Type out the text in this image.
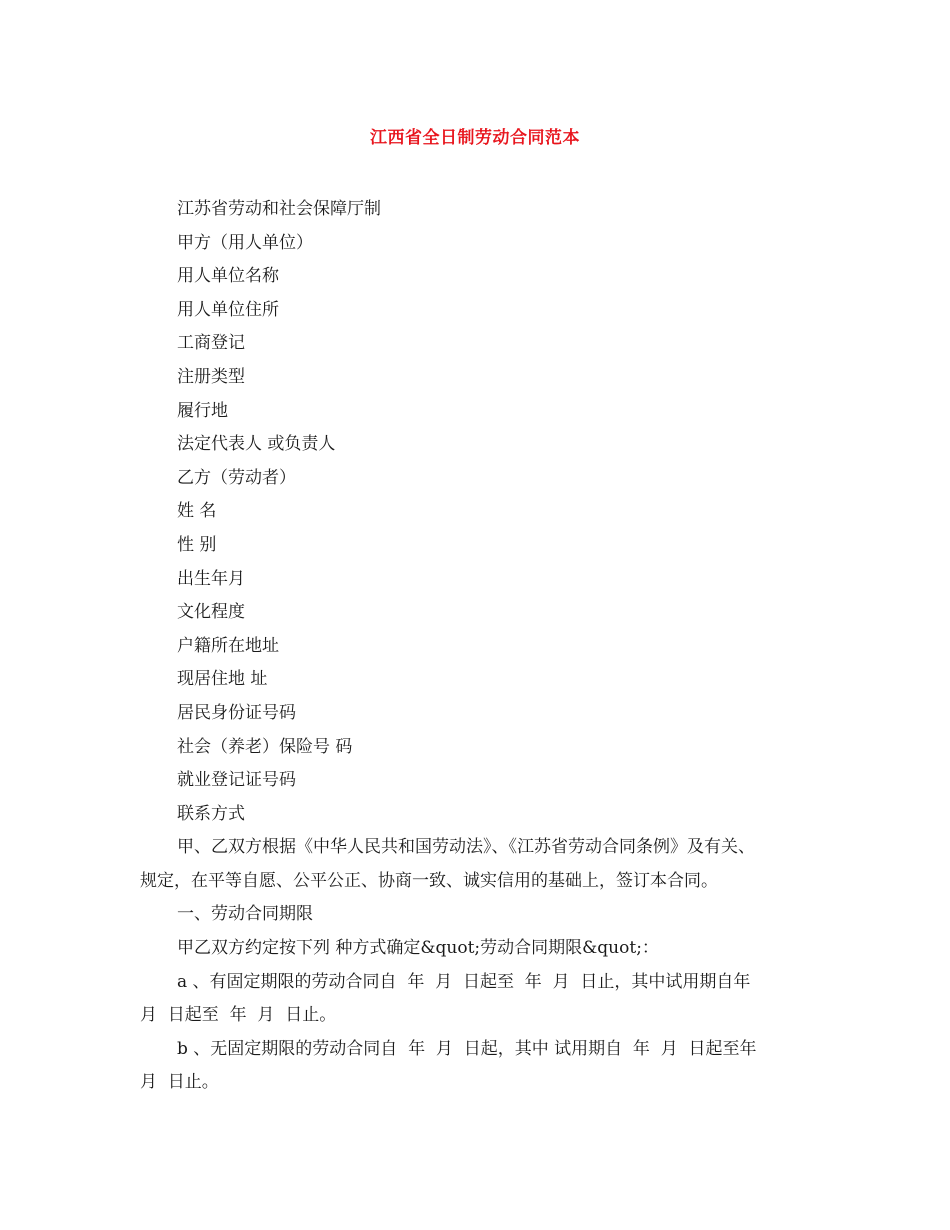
江西省全日制劳动合同范本
江苏省劳动和社会保障厅制
甲方（用人单位）
用人单位名称
用人单位住所
工商登记
注册类型
履行地
法定代表人 或负责人
乙方（劳动者）
姓 名
性 别
出生年月
文化程度
户籍所在地址
现居住地 址
居民身份证号码
社会（养老）保险号 码
就业登记证号码
联系方式
甲、乙双方根据《中华人民共和国劳动法》、《江苏省劳动合同条例》及有关、
规定，在平等自愿、公平公正、协商一致、诚实信用的基础上，签订本合同。
一、劳动合同期限
甲乙双方约定按下列 种方式确定&quot;劳动合同期限&quot;：
a 、有固定期限的劳动合同自  年  月  日起至  年  月  日止，其中试用期自年
月  日起至  年  月  日止。
b 、无固定期限的劳动合同自  年  月  日起，其中 试用期自  年  月  日起至年
月  日止。
